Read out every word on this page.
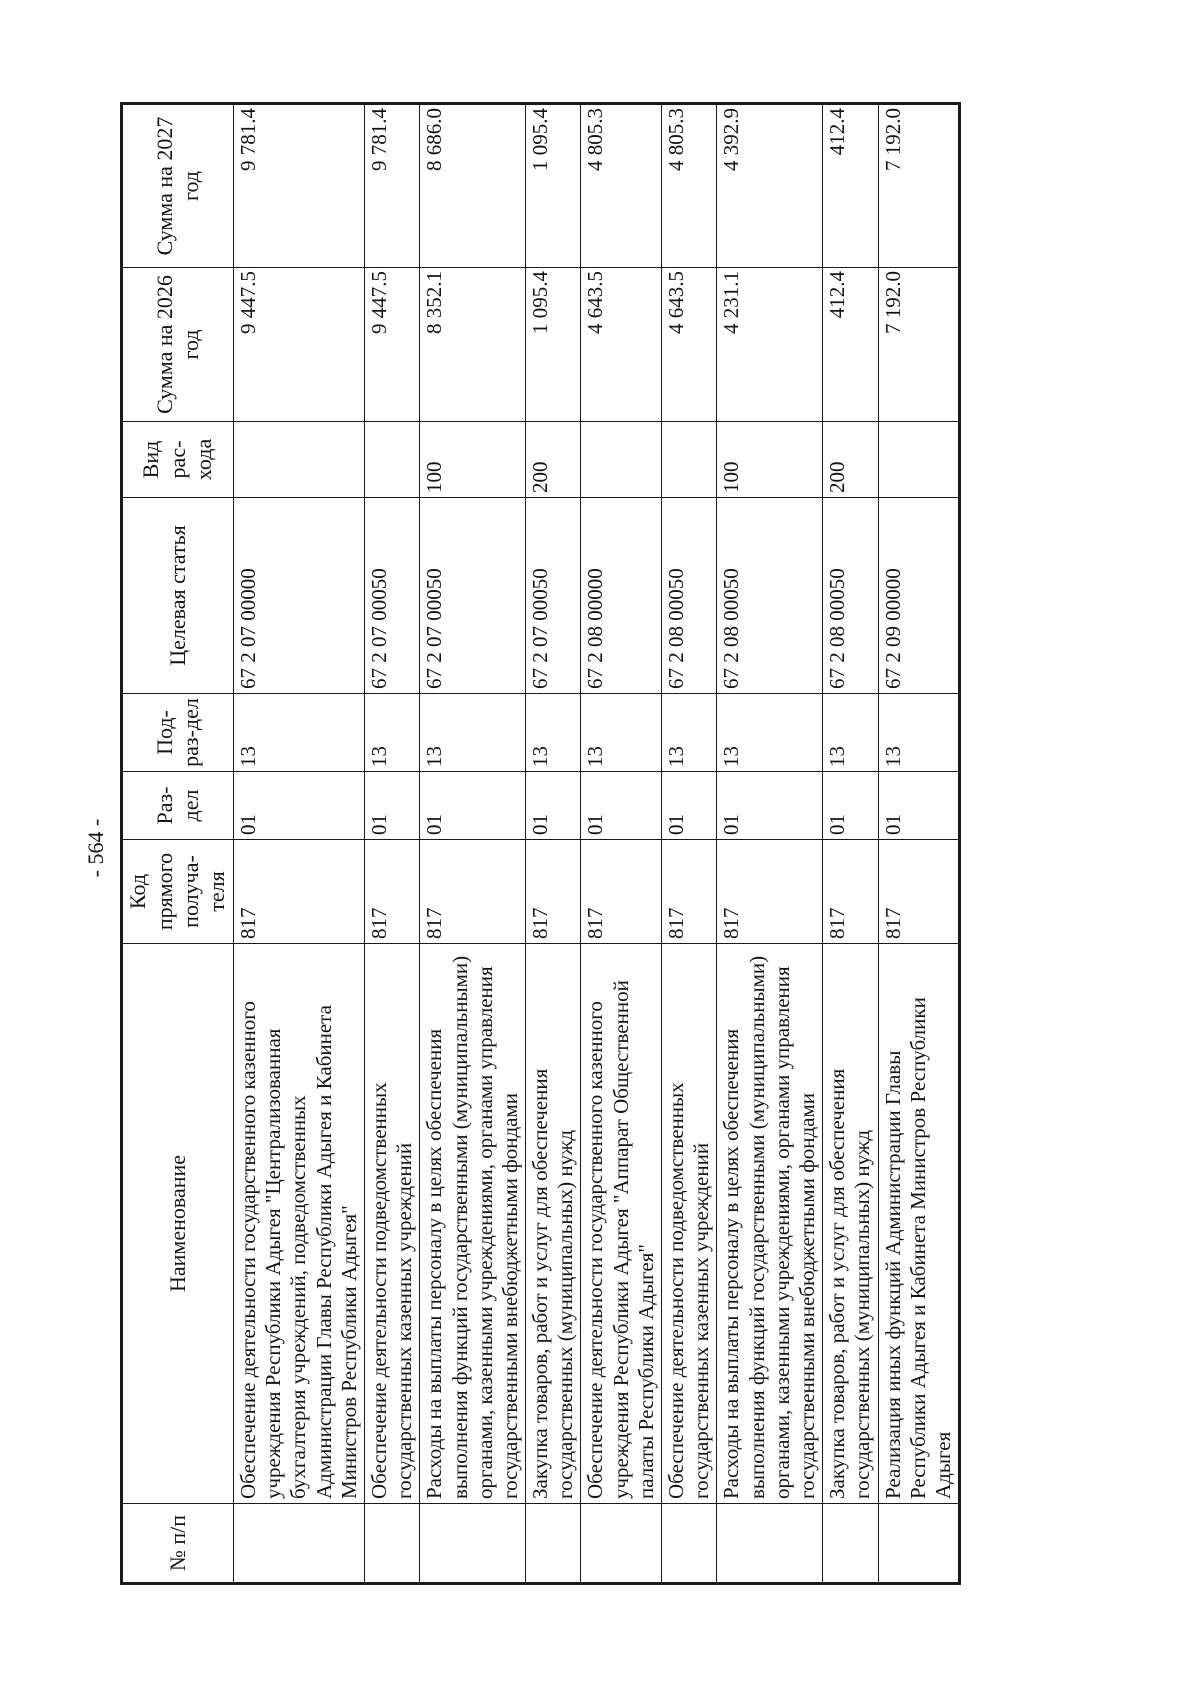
- 564 -
№ п/п	Наименование	Код прямого получа-теля	Раз-дел	Под-раз-дел	Целевая статья	Вид рас-хода	Сумма на 2026 год	Сумма на 2027 год
	Обеспечение деятельности государственного казенного учреждения Республики Адыгея "Централизованная бухгалтерия учреждений, подведомственных Администрации Главы Республики Адыгея и Кабинета Министров Республики Адыгея"	817	01	13	67 2 07 00000		9 447.5	9 781.4
	Обеспечение деятельности подведомственных государственных казенных учреждений	817	01	13	67 2 07 00050		9 447.5	9 781.4
	Расходы на выплаты персоналу в целях обеспечения выполнения функций государственными (муниципальными) органами, казенными учреждениями, органами управления государственными внебюджетными фондами	817	01	13	67 2 07 00050	100	8 352.1	8 686.0
	Закупка товаров, работ и услуг для обеспечения государственных (муниципальных) нужд	817	01	13	67 2 07 00050	200	1 095.4	1 095.4
	Обеспечение деятельности государственного казенного учреждения Республики Адыгея "Аппарат Общественной палаты Республики Адыгея"	817	01	13	67 2 08 00000		4 643.5	4 805.3
	Обеспечение деятельности подведомственных государственных казенных учреждений	817	01	13	67 2 08 00050		4 643.5	4 805.3
	Расходы на выплаты персоналу в целях обеспечения выполнения функций государственными (муниципальными) органами, казенными учреждениями, органами управления государственными внебюджетными фондами	817	01	13	67 2 08 00050	100	4 231.1	4 392.9
	Закупка товаров, работ и услуг для обеспечения государственных (муниципальных) нужд	817	01	13	67 2 08 00050	200	412.4	412.4
	Реализация иных функций Администрации Главы Республики Адыгея и Кабинета Министров Республики Адыгея	817	01	13	67 2 09 00000		7 192.0	7 192.0
